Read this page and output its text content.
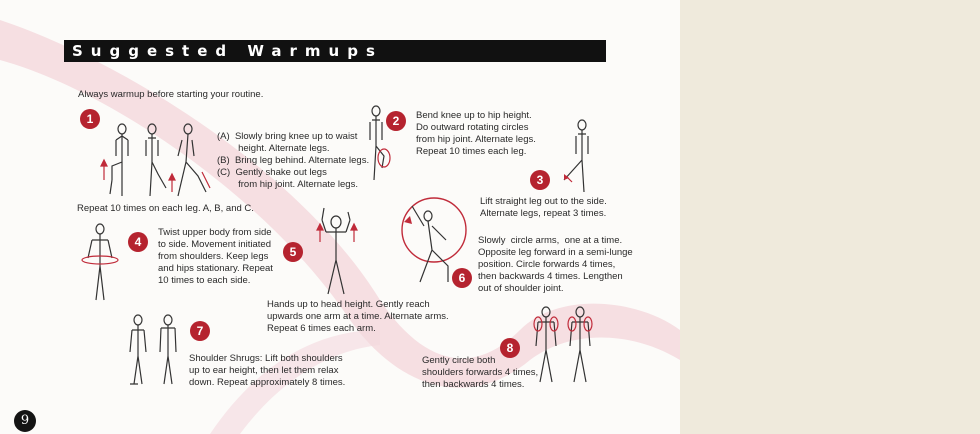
Suggested Warmups
Always warmup before starting your routine.
1
(A)  Slowly bring knee up to waist
height. Alternate legs.
(B)  Bring leg behind. Alternate legs.
(C)  Gently shake out legs
from hip joint. Alternate legs.
Repeat 10 times on each leg. A, B, and C.
2	Bend knee up to hip height.
Do outward rotating circles
from hip joint. Alternate legs.
Repeat 10 times each leg.
3
Lift straight leg out to the side.
Alternate legs, repeat 3 times.
4
Twist upper body from side
to side. Movement initiated
from shoulders. Keep legs
and hips stationary. Repeat
10 times to each side.
5
Hands up to head height. Gently reach
upwards one arm at a time. Alternate arms.
Repeat 6 times each arm.
6
Slowly  circle arms,  one at a time.
Opposite leg forward in a semi-lunge
position. Circle forwards 4 times,
then backwards 4 times. Lengthen
out of shoulder joint.
7
Shoulder Shrugs: Lift both shoulders
up to ear height, then let them relax
down. Repeat approximately 8 times.
8
Gently circle both
shoulders forwards 4 times,
then backwards 4 times.
9
